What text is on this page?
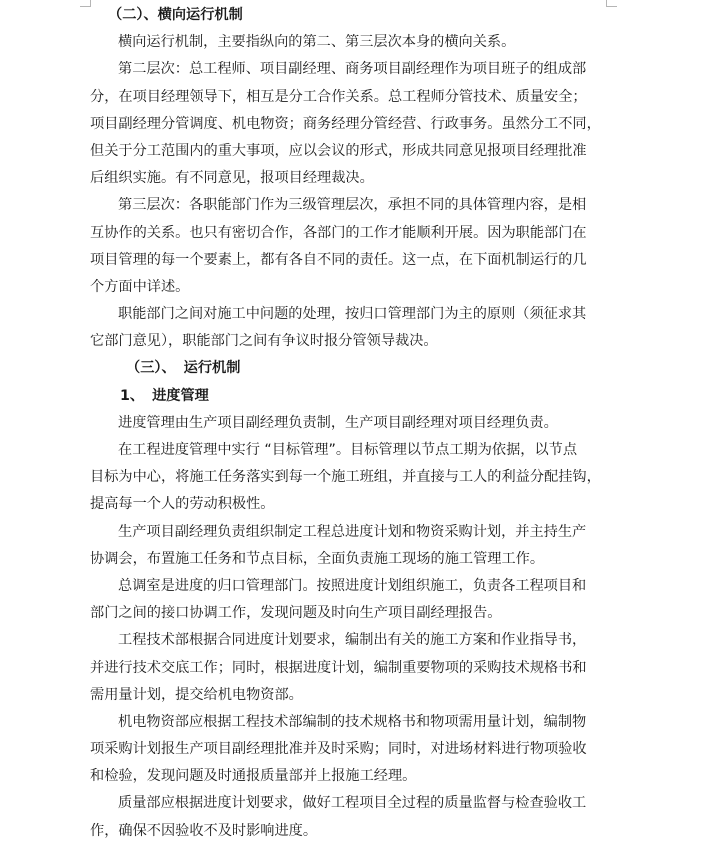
（二）、横向运行机制
横向运行机制，主要指纵向的第二、第三层次本身的横向关系。
第二层次：总工程师、项目副经理、商务项目副经理作为项目班子的组成部
分，在项目经理领导下，相互是分工合作关系。总工程师分管技术、质量安全；
项目副经理分管调度、机电物资；商务经理分管经营、行政事务。虽然分工不同，
但关于分工范围内的重大事项，应以会议的形式，形成共同意见报项目经理批准
后组织实施。有不同意见，报项目经理裁决。
第三层次：各职能部门作为三级管理层次，承担不同的具体管理内容，是相
互协作的关系。也只有密切合作，各部门的工作才能顺利开展。因为职能部门在
项目管理的每一个要素上，都有各自不同的责任。这一点，在下面机制运行的几
个方面中详述。
职能部门之间对施工中问题的处理，按归口管理部门为主的原则（须征求其
它部门意见），职能部门之间有争议时报分管领导裁决。
（三）、 运行机制
1、 进度管理
进度管理由生产项目副经理负责制，生产项目副经理对项目经理负责。
在工程进度管理中实行 “目标管理”。目标管理以节点工期为依据，以节点
目标为中心，将施工任务落实到每一个施工班组，并直接与工人的利益分配挂钩，
提高每一个人的劳动积极性。
生产项目副经理负责组织制定工程总进度计划和物资采购计划，并主持生产
协调会，布置施工任务和节点目标，全面负责施工现场的施工管理工作。
总调室是进度的归口管理部门。按照进度计划组织施工，负责各工程项目和
部门之间的接口协调工作，发现问题及时向生产项目副经理报告。
工程技术部根据合同进度计划要求，编制出有关的施工方案和作业指导书，
并进行技术交底工作；同时，根据进度计划，编制重要物项的采购技术规格书和
需用量计划，提交给机电物资部。
机电物资部应根据工程技术部编制的技术规格书和物项需用量计划，编制物
项采购计划报生产项目副经理批准并及时采购；同时，对进场材料进行物项验收
和检验，发现问题及时通报质量部并上报施工经理。
质量部应根据进度计划要求，做好工程项目全过程的质量监督与检查验收工
作，确保不因验收不及时影响进度。
